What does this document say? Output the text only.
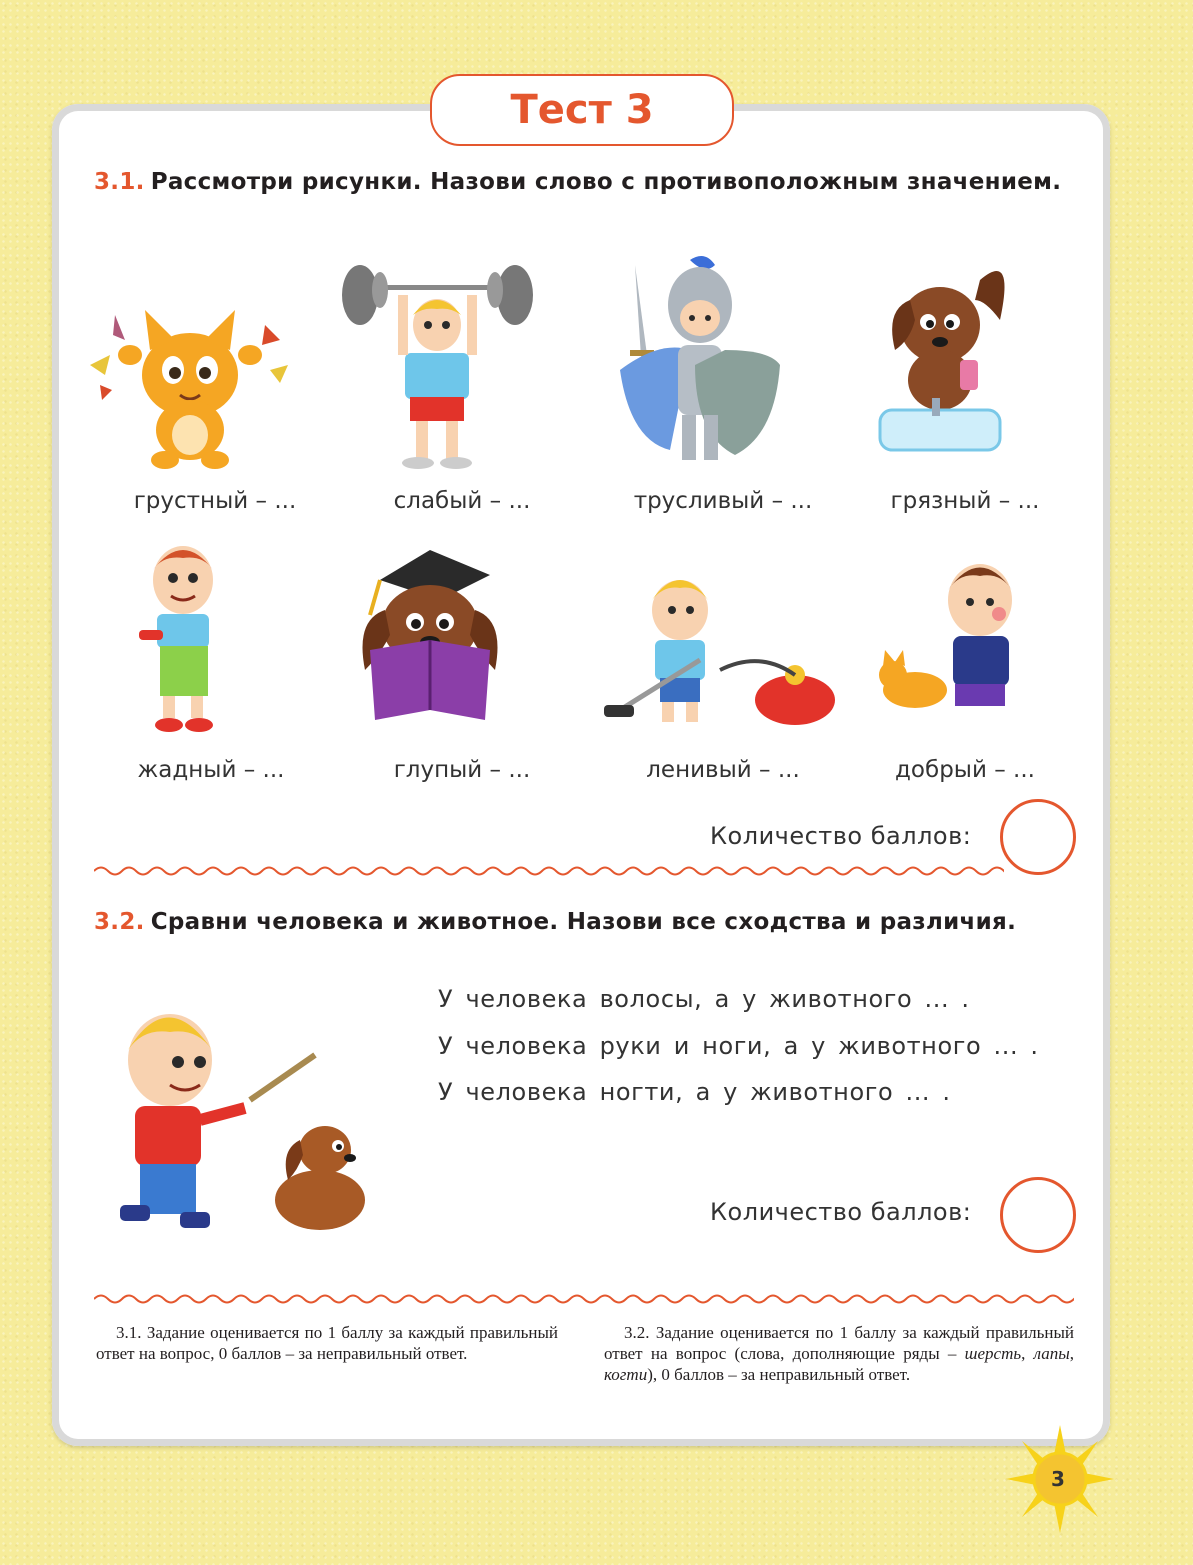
Тест 3
3.1. Рассмотри рисунки. Назови слово с противоположным значением.
грустный – ...	слабый – ...	трусливый – ...	грязный – ...
жадный – ...	глупый – ...	ленивый – ...	добрый – ...
Количество баллов:
3.2. Сравни человека и животное. Назови все сходства и различия.
У человека волосы, а у животного ... .
У человека руки и ноги, а у животного ... .
У человека ногти, а у животного ... .
Количество баллов:
3.1. Задание оценивается по 1 баллу за каждый правильный ответ на вопрос, 0 баллов – за неправильный ответ.
3.2. Задание оценивается по 1 баллу за каждый правильный ответ на вопрос (слова, дополняющие ряды – шерсть, лапы, когти), 0 баллов – за неправильный ответ.
3
